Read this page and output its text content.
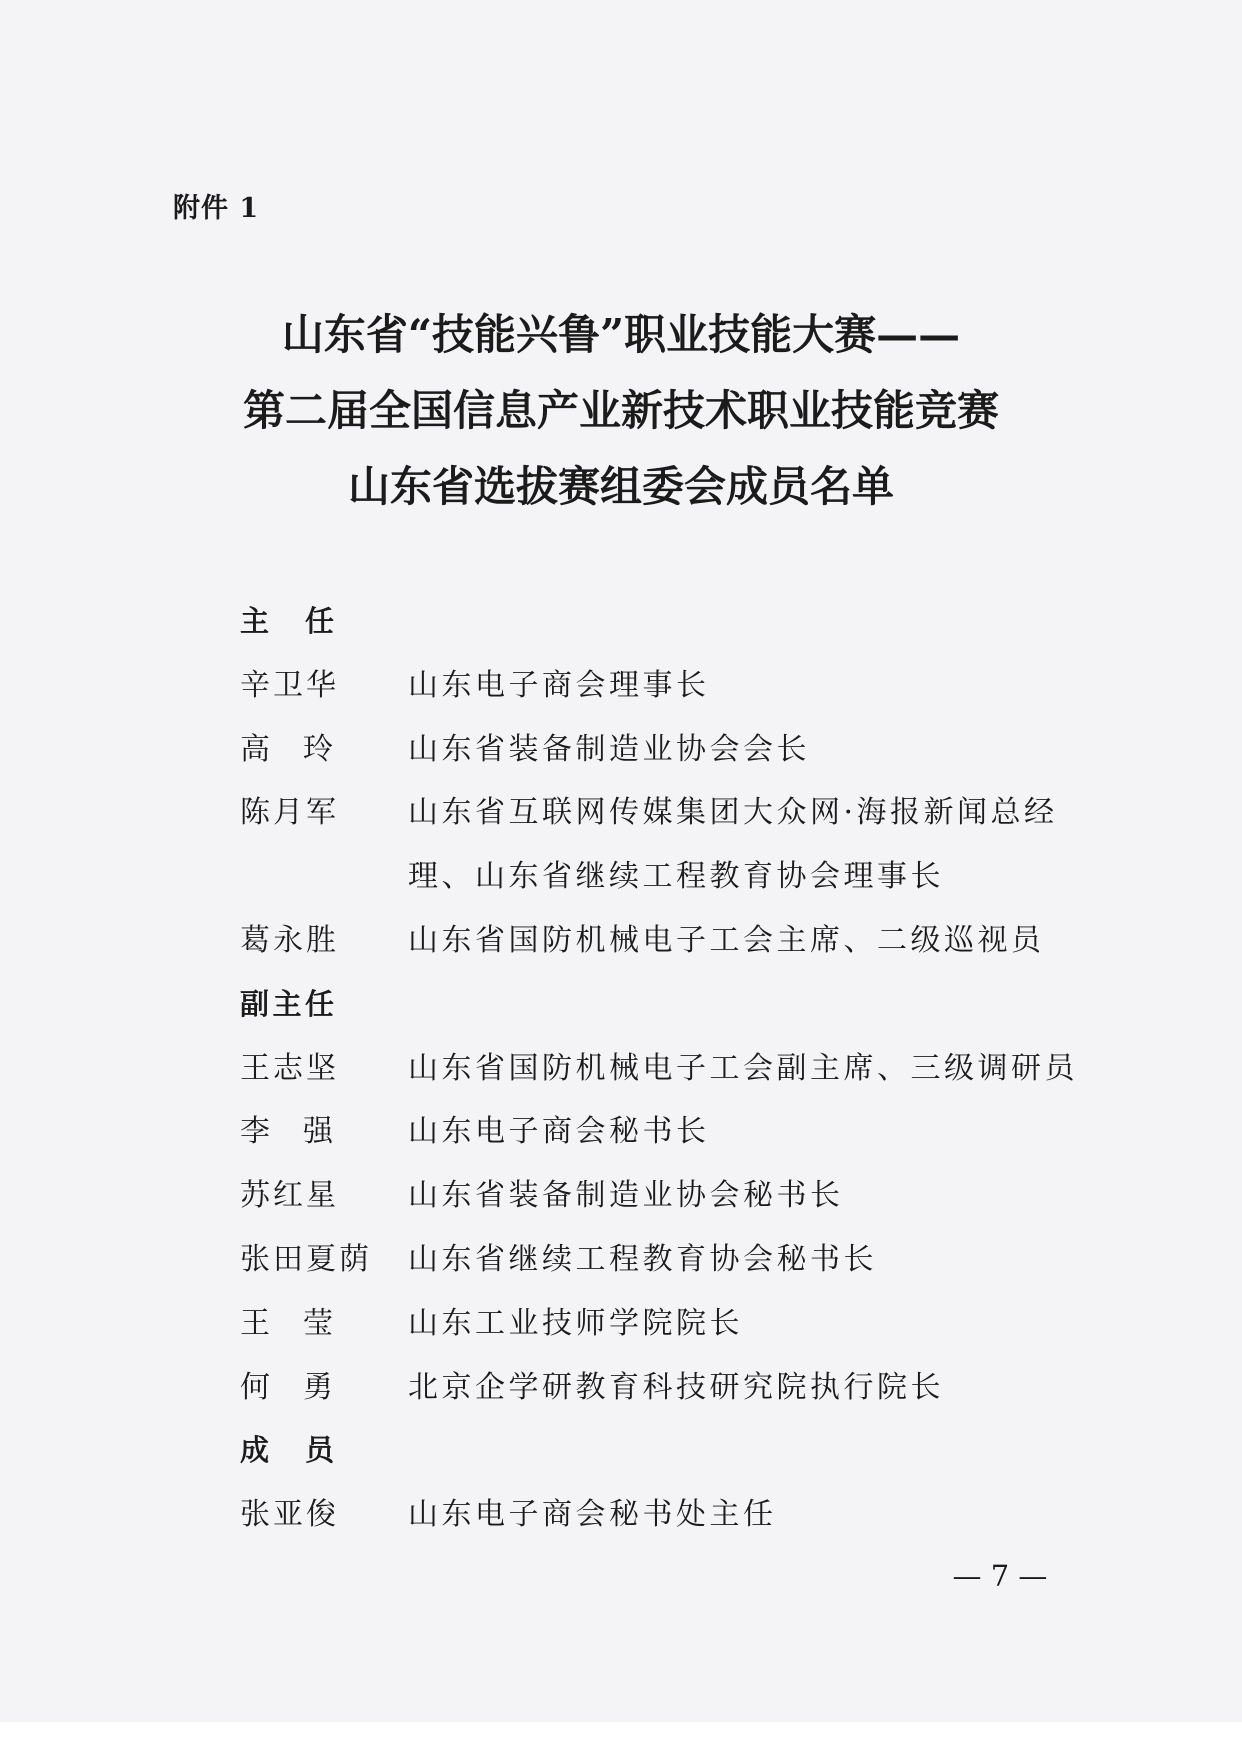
附件 1
山东省“技能兴鲁”职业技能大赛——
第二届全国信息产业新技术职业技能竞赛
山东省选拔赛组委会成员名单
主 任
辛卫华 山东电子商会理事长
高 玲 山东省装备制造业协会会长
陈月军 山东省互联网传媒集团大众网·海报新闻总经
理、山东省继续工程教育协会理事长
葛永胜 山东省国防机械电子工会主席、二级巡视员
副主任
王志坚 山东省国防机械电子工会副主席、三级调研员
李 强 山东电子商会秘书长
苏红星 山东省装备制造业协会秘书长
张田夏荫 山东省继续工程教育协会秘书长
王 莹 山东工业技师学院院长
何 勇 北京企学研教育科技研究院执行院长
成 员
张亚俊 山东电子商会秘书处主任
— 7 —
